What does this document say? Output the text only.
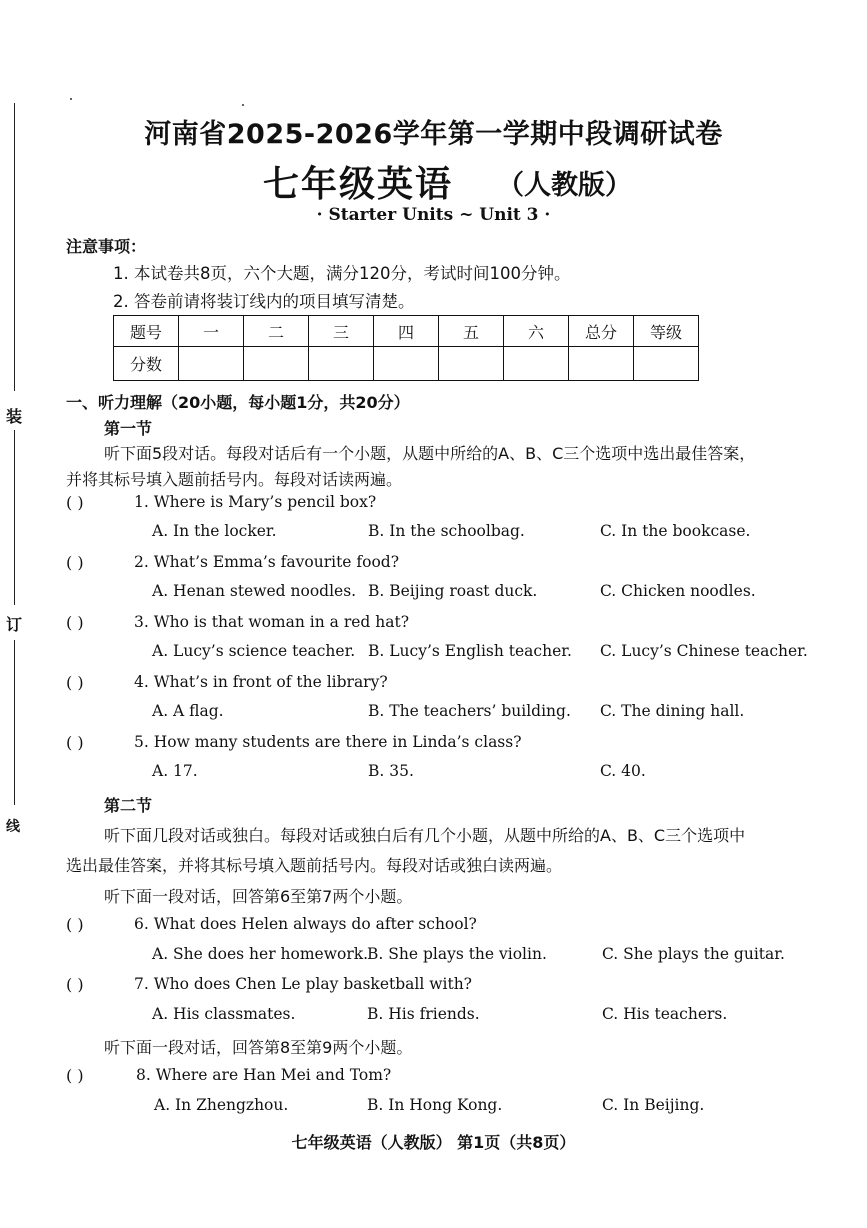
装
订
线
河南省2025-2026学年第一学期中段调研试卷
七年级英语 （人教版）
· Starter Units ~ Unit 3 ·
注意事项：
1. 本试卷共8页，六个大题，满分120分，考试时间100分钟。
2. 答卷前请将装订线内的项目填写清楚。
题号	一	二	三	四	五	六	总分	等级
分数								
一、听力理解（20小题，每小题1分，共20分）
第一节
听下面5段对话。每段对话后有一个小题，从题中所给的A、B、C三个选项中选出最佳答案，
并将其标号填入题前括号内。每段对话读两遍。
( )	1. Where is Mary’s pencil box?
A. In the locker.	B. In the schoolbag.	C. In the bookcase.
( )	2. What’s Emma’s favourite food?
A. Henan stewed noodles. B. Beijing roast duck.	C. Chicken noodles.
( )	3. Who is that woman in a red hat?
A. Lucy’s science teacher. B. Lucy’s English teacher. C. Lucy’s Chinese teacher.
( )	4. What’s in front of the library?
A. A flag.	B. The teachers’ building. C. The dining hall.
( )	5. How many students are there in Linda’s class?
A. 17.	B. 35.	C. 40.
第二节
听下面几段对话或独白。每段对话或独白后有几个小题，从题中所给的A、B、C三个选项中
选出最佳答案，并将其标号填入题前括号内。每段对话或独白读两遍。
听下面一段对话，回答第6至第7两个小题。
( )	6. What does Helen always do after school?
A. She does her homework.
B. She plays the violin.	C. She plays the guitar.
( )	7. Who does Chen Le play basketball with?
A. His classmates.	B. His friends.	C. His teachers.
听下面一段对话，回答第8至第9两个小题。
( )	8. Where are Han Mei and Tom?
A. In Zhengzhou.	B. In Hong Kong.	C. In Beijing.
七年级英语（人教版） 第1页（共8页）
